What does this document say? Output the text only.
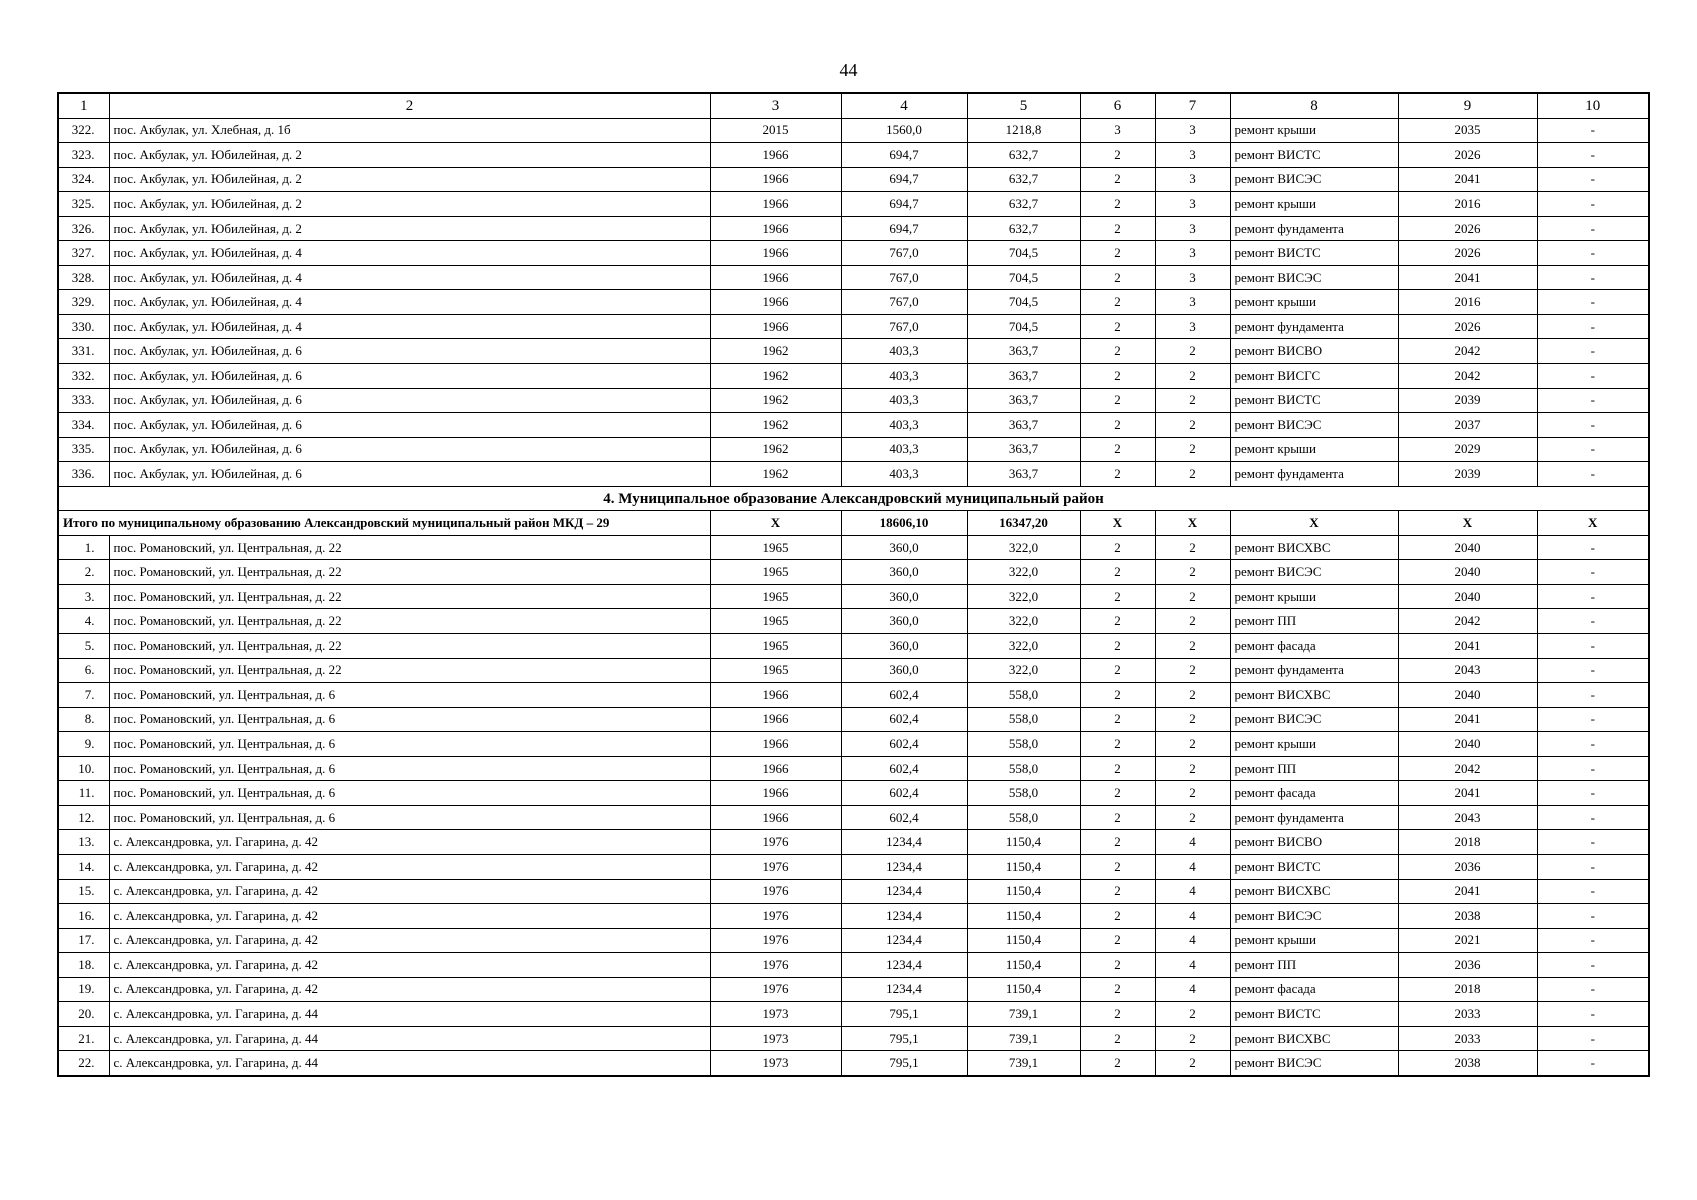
44
1	2	3	4	5	6	7	8	9	10
322.	пос. Акбулак, ул. Хлебная, д. 1б	2015	1560,0	1218,8	3	3	ремонт крыши	2035	-
323.	пос. Акбулак, ул. Юбилейная, д. 2	1966	694,7	632,7	2	3	ремонт ВИСТС	2026	-
324.	пос. Акбулак, ул. Юбилейная, д. 2	1966	694,7	632,7	2	3	ремонт ВИСЭС	2041	-
325.	пос. Акбулак, ул. Юбилейная, д. 2	1966	694,7	632,7	2	3	ремонт крыши	2016	-
326.	пос. Акбулак, ул. Юбилейная, д. 2	1966	694,7	632,7	2	3	ремонт фундамента	2026	-
327.	пос. Акбулак, ул. Юбилейная, д. 4	1966	767,0	704,5	2	3	ремонт ВИСТС	2026	-
328.	пос. Акбулак, ул. Юбилейная, д. 4	1966	767,0	704,5	2	3	ремонт ВИСЭС	2041	-
329.	пос. Акбулак, ул. Юбилейная, д. 4	1966	767,0	704,5	2	3	ремонт крыши	2016	-
330.	пос. Акбулак, ул. Юбилейная, д. 4	1966	767,0	704,5	2	3	ремонт фундамента	2026	-
331.	пос. Акбулак, ул. Юбилейная, д. 6	1962	403,3	363,7	2	2	ремонт ВИСВО	2042	-
332.	пос. Акбулак, ул. Юбилейная, д. 6	1962	403,3	363,7	2	2	ремонт ВИСГС	2042	-
333.	пос. Акбулак, ул. Юбилейная, д. 6	1962	403,3	363,7	2	2	ремонт ВИСТС	2039	-
334.	пос. Акбулак, ул. Юбилейная, д. 6	1962	403,3	363,7	2	2	ремонт ВИСЭС	2037	-
335.	пос. Акбулак, ул. Юбилейная, д. 6	1962	403,3	363,7	2	2	ремонт крыши	2029	-
336.	пос. Акбулак, ул. Юбилейная, д. 6	1962	403,3	363,7	2	2	ремонт фундамента	2039	-
4. Муниципальное образование Александровский муниципальный район									
Итого по муниципальному образованию Александровский муниципальный район МКД – 29		X	18606,10	16347,20	X	X	X	X	X
1.	пос. Романовский, ул. Центральная, д. 22	1965	360,0	322,0	2	2	ремонт ВИСХВС	2040	-
2.	пос. Романовский, ул. Центральная, д. 22	1965	360,0	322,0	2	2	ремонт ВИСЭС	2040	-
3.	пос. Романовский, ул. Центральная, д. 22	1965	360,0	322,0	2	2	ремонт крыши	2040	-
4.	пос. Романовский, ул. Центральная, д. 22	1965	360,0	322,0	2	2	ремонт ПП	2042	-
5.	пос. Романовский, ул. Центральная, д. 22	1965	360,0	322,0	2	2	ремонт фасада	2041	-
6.	пос. Романовский, ул. Центральная, д. 22	1965	360,0	322,0	2	2	ремонт фундамента	2043	-
7.	пос. Романовский, ул. Центральная, д. 6	1966	602,4	558,0	2	2	ремонт ВИСХВС	2040	-
8.	пос. Романовский, ул. Центральная, д. 6	1966	602,4	558,0	2	2	ремонт ВИСЭС	2041	-
9.	пос. Романовский, ул. Центральная, д. 6	1966	602,4	558,0	2	2	ремонт крыши	2040	-
10.	пос. Романовский, ул. Центральная, д. 6	1966	602,4	558,0	2	2	ремонт ПП	2042	-
11.	пос. Романовский, ул. Центральная, д. 6	1966	602,4	558,0	2	2	ремонт фасада	2041	-
12.	пос. Романовский, ул. Центральная, д. 6	1966	602,4	558,0	2	2	ремонт фундамента	2043	-
13.	с. Александровка, ул. Гагарина, д. 42	1976	1234,4	1150,4	2	4	ремонт ВИСВО	2018	-
14.	с. Александровка, ул. Гагарина, д. 42	1976	1234,4	1150,4	2	4	ремонт ВИСТС	2036	-
15.	с. Александровка, ул. Гагарина, д. 42	1976	1234,4	1150,4	2	4	ремонт ВИСХВС	2041	-
16.	с. Александровка, ул. Гагарина, д. 42	1976	1234,4	1150,4	2	4	ремонт ВИСЭС	2038	-
17.	с. Александровка, ул. Гагарина, д. 42	1976	1234,4	1150,4	2	4	ремонт крыши	2021	-
18.	с. Александровка, ул. Гагарина, д. 42	1976	1234,4	1150,4	2	4	ремонт ПП	2036	-
19.	с. Александровка, ул. Гагарина, д. 42	1976	1234,4	1150,4	2	4	ремонт фасада	2018	-
20.	с. Александровка, ул. Гагарина, д. 44	1973	795,1	739,1	2	2	ремонт ВИСТС	2033	-
21.	с. Александровка, ул. Гагарина, д. 44	1973	795,1	739,1	2	2	ремонт ВИСХВС	2033	-
22.	с. Александровка, ул. Гагарина, д. 44	1973	795,1	739,1	2	2	ремонт ВИСЭС	2038	-
